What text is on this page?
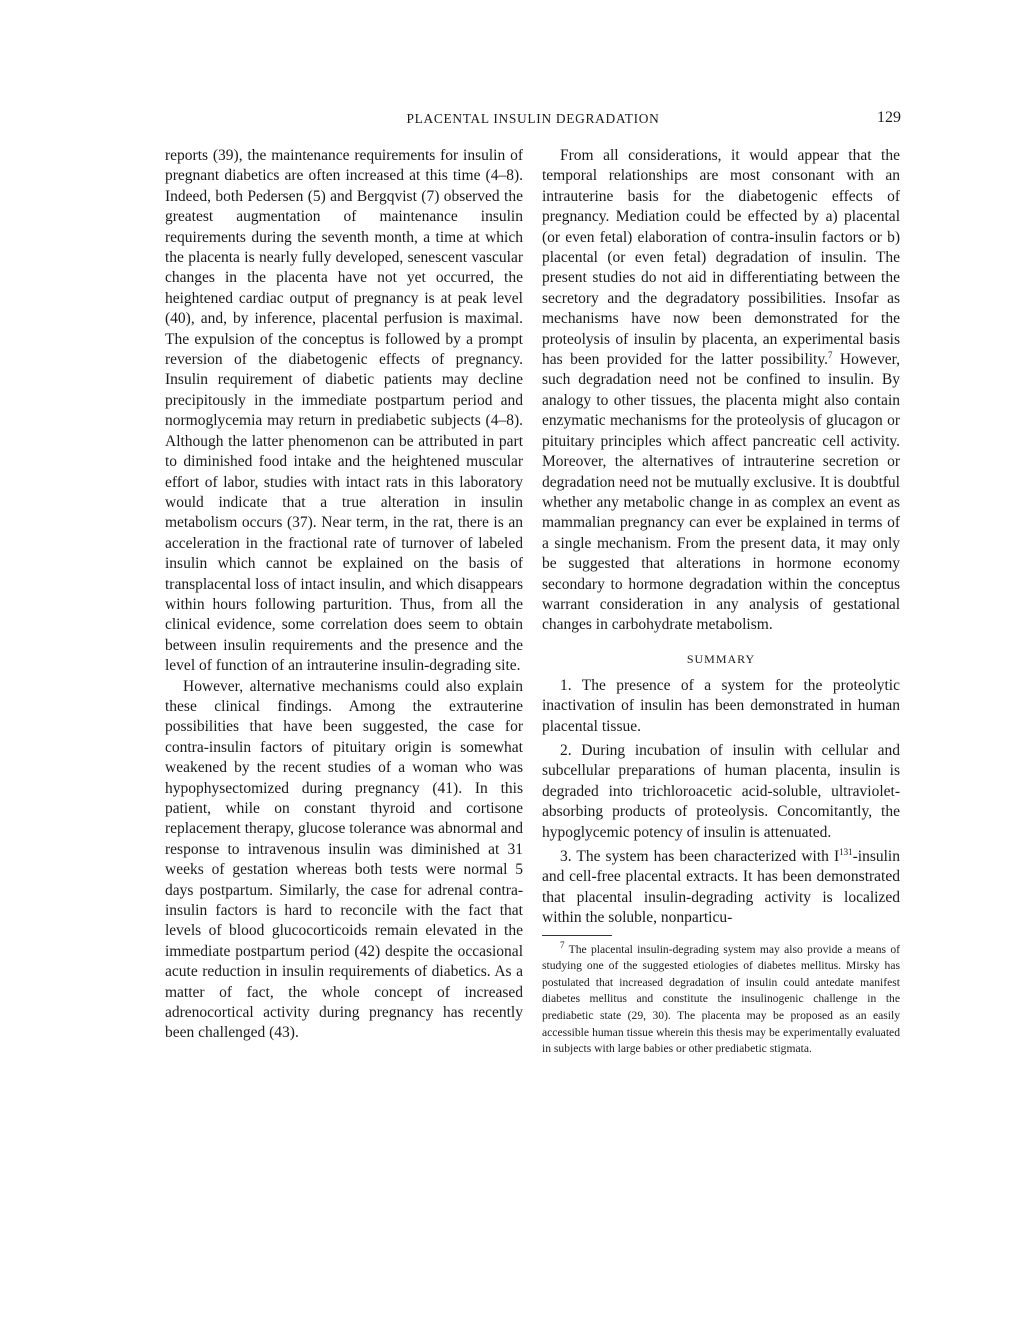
PLACENTAL INSULIN DEGRADATION	129

reports (39), the maintenance requirements for insulin of pregnant diabetics are often increased at this time (4–8). Indeed, both Pedersen (5) and Bergqvist (7) observed the greatest augmentation of maintenance insulin requirements during the seventh month, a time at which the placenta is nearly fully developed, senescent vascular changes in the placenta have not yet occurred, the heightened cardiac output of pregnancy is at peak level (40), and, by inference, placental perfusion is maximal. The expulsion of the conceptus is followed by a prompt reversion of the diabetogenic effects of pregnancy. Insulin requirement of diabetic patients may decline precipitously in the immediate postpartum period and normoglycemia may return in prediabetic subjects (4–8). Although the latter phenomenon can be attributed in part to diminished food intake and the heightened muscular effort of labor, studies with intact rats in this laboratory would indicate that a true alteration in insulin metabolism occurs (37). Near term, in the rat, there is an acceleration in the fractional rate of turnover of labeled insulin which cannot be explained on the basis of transplacental loss of intact insulin, and which disappears within hours following parturition. Thus, from all the clinical evidence, some correlation does seem to obtain between insulin requirements and the presence and the level of function of an intrauterine insulin-degrading site.

However, alternative mechanisms could also explain these clinical findings. Among the extrauterine possibilities that have been suggested, the case for contra-insulin factors of pituitary origin is somewhat weakened by the recent studies of a woman who was hypophysectomized during pregnancy (41). In this patient, while on constant thyroid and cortisone replacement therapy, glucose tolerance was abnormal and response to intravenous insulin was diminished at 31 weeks of gestation whereas both tests were normal 5 days postpartum. Similarly, the case for adrenal contra-insulin factors is hard to reconcile with the fact that levels of blood glucocorticoids remain elevated in the immediate postpartum period (42) despite the occasional acute reduction in insulin requirements of diabetics. As a matter of fact, the whole concept of increased adrenocortical activity during pregnancy has recently been challenged (43).

From all considerations, it would appear that the temporal relationships are most consonant with an intrauterine basis for the diabetogenic effects of pregnancy. Mediation could be effected by a) placental (or even fetal) elaboration of contra-insulin factors or b) placental (or even fetal) degradation of insulin. The present studies do not aid in differentiating between the secretory and the degradatory possibilities. Insofar as mechanisms have now been demonstrated for the proteolysis of insulin by placenta, an experimental basis has been provided for the latter possibility.$^7$ However, such degradation need not be confined to insulin. By analogy to other tissues, the placenta might also contain enzymatic mechanisms for the proteolysis of glucagon or pituitary principles which affect pancreatic cell activity. Moreover, the alternatives of intrauterine secretion or degradation need not be mutually exclusive. It is doubtful whether any metabolic change in as complex an event as mammalian pregnancy can ever be explained in terms of a single mechanism. From the present data, it may only be suggested that alterations in hormone economy secondary to hormone degradation within the conceptus warrant consideration in any analysis of gestational changes in carbohydrate metabolism.

SUMMARY

1. The presence of a system for the proteolytic inactivation of insulin has been demonstrated in human placental tissue.

2. During incubation of insulin with cellular and subcellular preparations of human placenta, insulin is degraded into trichloroacetic acid-soluble, ultraviolet-absorbing products of proteolysis. Concomitantly, the hypoglycemic potency of insulin is attenuated.

3. The system has been characterized with $I^{131}$-insulin and cell-free placental extracts. It has been demonstrated that placental insulin-degrading activity is localized within the soluble, nonparticu-

$^7$ The placental insulin-degrading system may also provide a means of studying one of the suggested etiologies of diabetes mellitus. Mirsky has postulated that increased degradation of insulin could antedate manifest diabetes mellitus and constitute the insulinogenic challenge in the prediabetic state (29, 30). The placenta may be proposed as an easily accessible human tissue wherein this thesis may be experimentally evaluated in subjects with large babies or other prediabetic stigmata.
